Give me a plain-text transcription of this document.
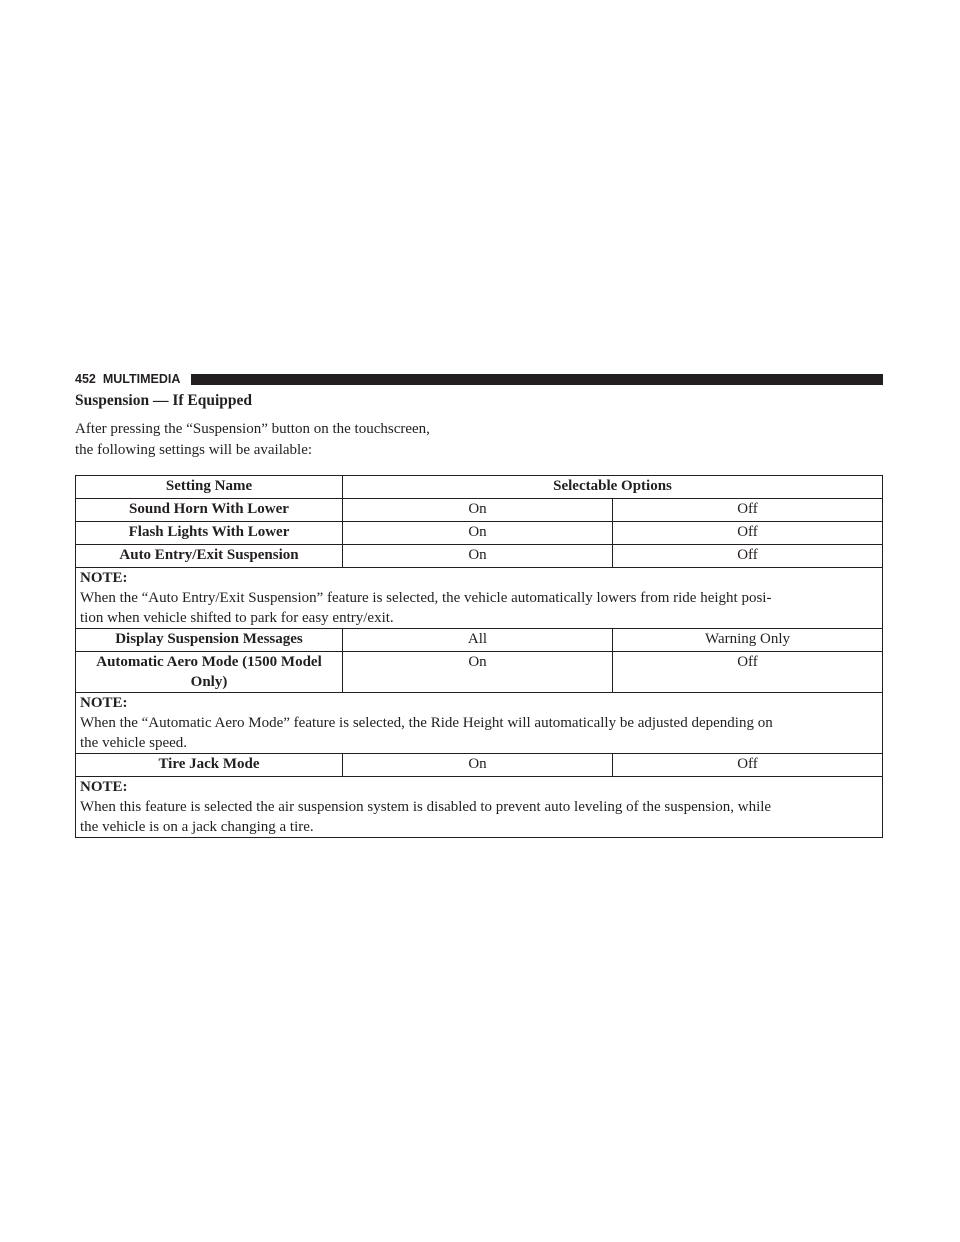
452 MULTIMEDIA
Suspension — If Equipped
After pressing the “Suspension” button on the touchscreen,
the following settings will be available:
Setting Name	Selectable Options	
Sound Horn With Lower	On	Off
Flash Lights With Lower	On	Off
Auto Entry/Exit Suspension	On	Off

NOTE:
When the “Auto Entry/Exit Suspension” feature is selected, the vehicle automatically lowers from ride height posi-
tion when vehicle shifted to park for easy entry/exit.		

Display Suspension Messages	All	Warning Only

Automatic Aero Mode (1500 Model
Only)	On	Off

NOTE:
When the “Automatic Aero Mode” feature is selected, the Ride Height will automatically be adjusted depending on
the vehicle speed.		

Tire Jack Mode	On	Off

NOTE:
When this feature is selected the air suspension system is disabled to prevent auto leveling of the suspension, while
the vehicle is on a jack changing a tire.		
